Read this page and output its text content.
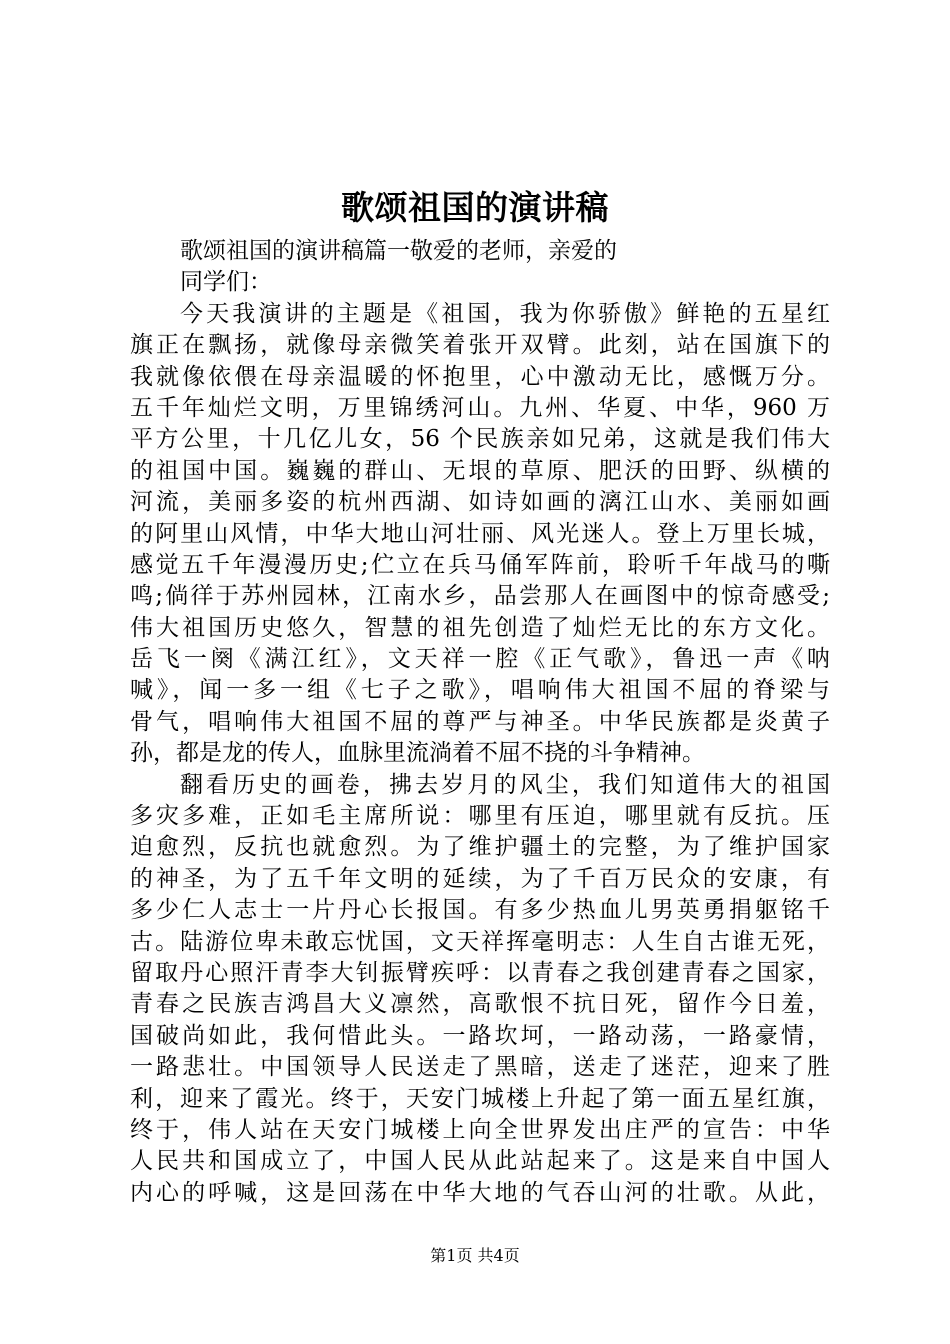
歌颂祖国的演讲稿
歌颂祖国的演讲稿篇一敬爱的老师，亲爱的
同学们：
今天我演讲的主题是《祖国，我为你骄傲》鲜艳的五星红
旗正在飘扬，就像母亲微笑着张开双臂。此刻，站在国旗下的
我就像依偎在母亲温暖的怀抱里，心中激动无比，感慨万分。
五千年灿烂文明，万里锦绣河山。九州、华夏、中华，960 万
平方公里，十几亿儿女，56 个民族亲如兄弟，这就是我们伟大
的祖国中国。巍巍的群山、无垠的草原、肥沃的田野、纵横的
河流，美丽多姿的杭州西湖、如诗如画的漓江山水、美丽如画
的阿里山风情，中华大地山河壮丽、风光迷人。登上万里长城，
感觉五千年漫漫历史;伫立在兵马俑军阵前，聆听千年战马的嘶
鸣;倘徉于苏州园林，江南水乡，品尝那人在画图中的惊奇感受;
伟大祖国历史悠久，智慧的祖先创造了灿烂无比的东方文化。
岳飞一阕《满江红》，文天祥一腔《正气歌》，鲁迅一声《呐
喊》，闻一多一组《七子之歌》，唱响伟大祖国不屈的脊梁与
骨气，唱响伟大祖国不屈的尊严与神圣。中华民族都是炎黄子
孙，都是龙的传人，血脉里流淌着不屈不挠的斗争精神。
翻看历史的画卷，拂去岁月的风尘，我们知道伟大的祖国
多灾多难，正如毛主席所说：哪里有压迫，哪里就有反抗。压
迫愈烈，反抗也就愈烈。为了维护疆土的完整，为了维护国家
的神圣，为了五千年文明的延续，为了千百万民众的安康，有
多少仁人志士一片丹心长报国。有多少热血儿男英勇捐躯铭千
古。陆游位卑未敢忘忧国，文天祥挥毫明志：人生自古谁无死，
留取丹心照汗青李大钊振臂疾呼：以青春之我创建青春之国家，
青春之民族吉鸿昌大义凛然，高歌恨不抗日死，留作今日羞，
国破尚如此，我何惜此头。一路坎坷，一路动荡，一路豪情，
一路悲壮。中国领导人民送走了黑暗，送走了迷茫，迎来了胜
利，迎来了霞光。终于，天安门城楼上升起了第一面五星红旗，
终于，伟人站在天安门城楼上向全世界发出庄严的宣告：中华
人民共和国成立了，中国人民从此站起来了。这是来自中国人
内心的呼喊，这是回荡在中华大地的气吞山河的壮歌。从此，
第1页 共4页
